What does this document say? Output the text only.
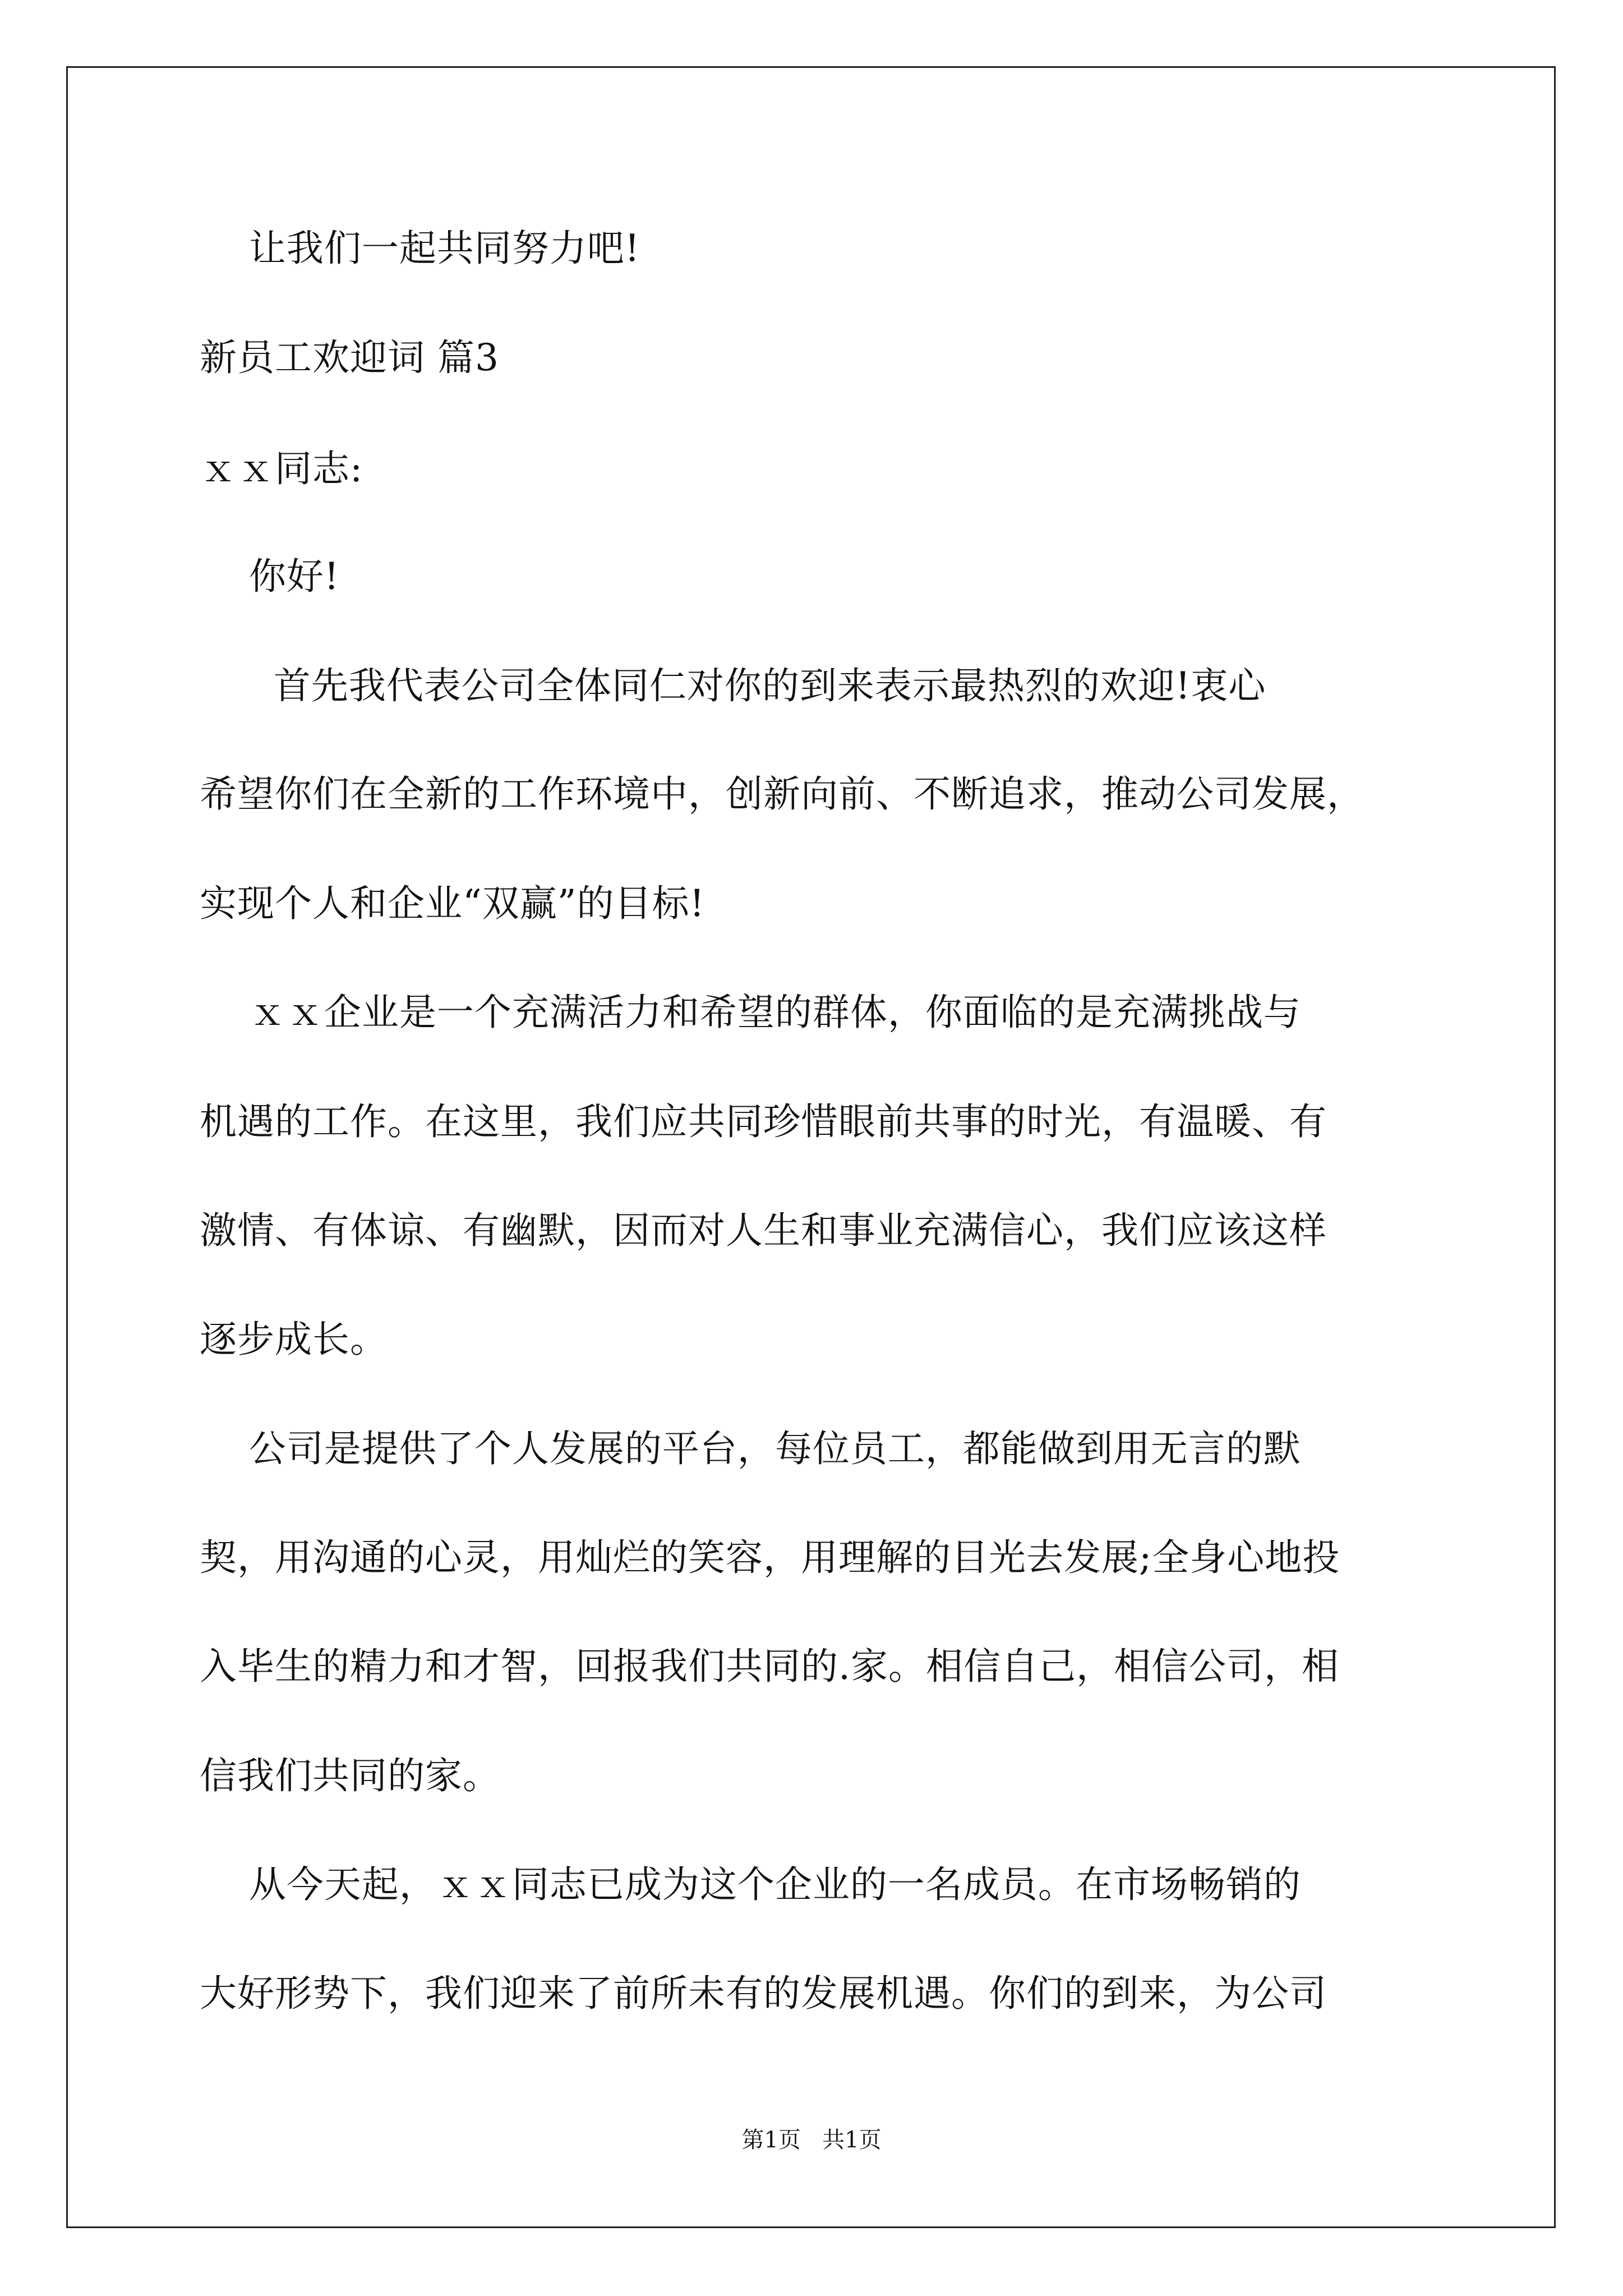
让我们一起共同努力吧!
新员工欢迎词 篇3
ｘｘ同志:
你好!
首先我代表公司全体同仁对你的到来表示最热烈的欢迎!衷心
希望你们在全新的工作环境中，创新向前、不断追求，推动公司发展，
实现个人和企业“双赢”的目标!
ｘｘ企业是一个充满活力和希望的群体，你面临的是充满挑战与
机遇的工作。在这里，我们应共同珍惜眼前共事的时光，有温暖、有
激情、有体谅、有幽默，因而对人生和事业充满信心，我们应该这样
逐步成长。
公司是提供了个人发展的平台，每位员工，都能做到用无言的默
契，用沟通的心灵，用灿烂的笑容，用理解的目光去发展;全身心地投
入毕生的精力和才智，回报我们共同的.家。相信自己，相信公司，相
信我们共同的家。
从今天起，ｘｘ同志已成为这个企业的一名成员。在市场畅销的
大好形势下，我们迎来了前所未有的发展机遇。你们的到来，为公司
第1页   共1页
